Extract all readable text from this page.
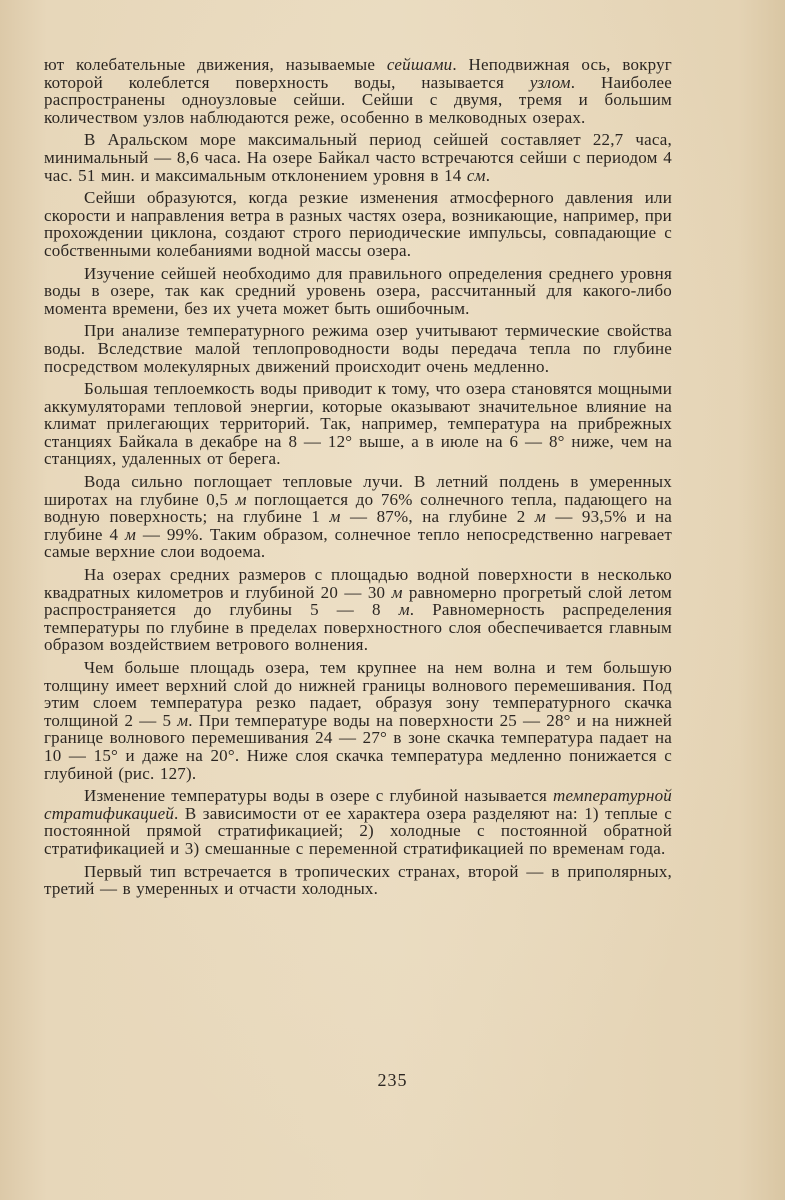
ют колебательные движения, называемые сейшами. Неподвижная ось, вокруг которой колеблется поверхность воды, называется узлом. Наиболее распространены одноузловые сейши. Сейши с двумя, тремя и большим количеством узлов наблюдаются реже, особенно в мелководных озерах.

В Аральском море максимальный период сейшей составляет 22,7 часа, минимальный — 8,6 часа. На озере Байкал часто встречаются сейши с периодом 4 час. 51 мин. и максимальным отклонением уровня в 14 см.

Сейши образуются, когда резкие изменения атмосферного давления или скорости и направления ветра в разных частях озера, возникающие, например, при прохождении циклона, создают строго периодические импульсы, совпадающие с собственными колебаниями водной массы озера.

Изучение сейшей необходимо для правильного определения среднего уровня воды в озере, так как средний уровень озера, рассчитанный для какого-либо момента времени, без их учета может быть ошибочным.

При анализе температурного режима озер учитывают термические свойства воды. Вследствие малой теплопроводности воды передача тепла по глубине посредством молекулярных движений происходит очень медленно.

Большая теплоемкость воды приводит к тому, что озера становятся мощными аккумуляторами тепловой энергии, которые оказывают значительное влияние на климат прилегающих территорий. Так, например, температура на прибрежных станциях Байкала в декабре на 8 — 12° выше, а в июле на 6 — 8° ниже, чем на станциях, удаленных от берега.

Вода сильно поглощает тепловые лучи. В летний полдень в умеренных широтах на глубине 0,5 м поглощается до 76% солнечного тепла, падающего на водную поверхность; на глубине 1 м — 87%, на глубине 2 м — 93,5% и на глубине 4 м — 99%. Таким образом, солнечное тепло непосредственно нагревает самые верхние слои водоема.

На озерах средних размеров с площадью водной поверхности в несколько квадратных километров и глубиной 20 — 30 м равномерно прогретый слой летом распространяется до глубины 5 — 8 м. Равномерность распределения температуры по глубине в пределах поверхностного слоя обеспечивается главным образом воздействием ветрового волнения.

Чем больше площадь озера, тем крупнее на нем волна и тем большую толщину имеет верхний слой до нижней границы волнового перемешивания. Под этим слоем температура резко падает, образуя зону температурного скачка толщиной 2 — 5 м. При температуре воды на поверхности 25 — 28° и на нижней границе волнового перемешивания 24 — 27° в зоне скачка температура падает на 10 — 15° и даже на 20°. Ниже слоя скачка температура медленно понижается с глубиной (рис. 127).

Изменение температуры воды в озере с глубиной называется температурной стратификацией. В зависимости от ее характера озера разделяют на: 1) теплые с постоянной прямой стратификацией; 2) холодные с постоянной обратной стратификацией и 3) смешанные с переменной стратификацией по временам года.

Первый тип встречается в тропических странах, второй — в приполярных, третий — в умеренных и отчасти холодных.

235
